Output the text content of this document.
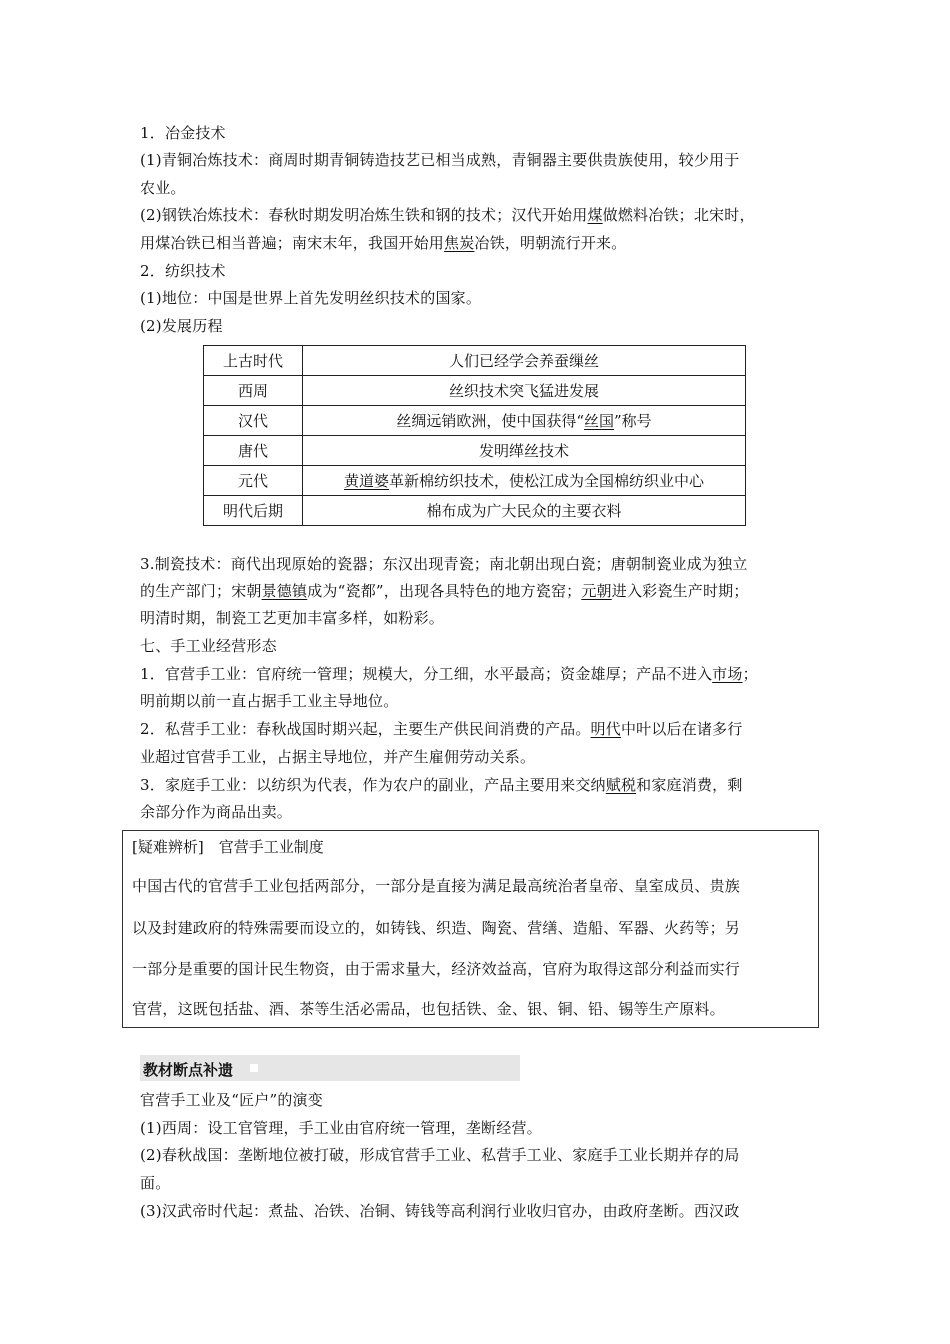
1．冶金技术
(1)青铜冶炼技术：商周时期青铜铸造技艺已相当成熟，青铜器主要供贵族使用，较少用于
农业。
(2)钢铁冶炼技术：春秋时期发明冶炼生铁和钢的技术；汉代开始用煤做燃料冶铁；北宋时，
用煤冶铁已相当普遍；南宋末年，我国开始用焦炭冶铁，明朝流行开来。
2．纺织技术
(1)地位：中国是世界上首先发明丝织技术的国家。
(2)发展历程
上古时代	人们已经学会养蚕缫丝
西周	丝织技术突飞猛进发展
汉代	丝绸远销欧洲，使中国获得“丝国”称号
唐代	发明缂丝技术
元代	黄道婆革新棉纺织技术，使松江成为全国棉纺织业中心
明代后期	棉布成为广大民众的主要衣料
3.制瓷技术：商代出现原始的瓷器；东汉出现青瓷；南北朝出现白瓷；唐朝制瓷业成为独立
的生产部门；宋朝景德镇成为“瓷都”，出现各具特色的地方瓷窑；元朝进入彩瓷生产时期；
明清时期，制瓷工艺更加丰富多样，如粉彩。
七、手工业经营形态
1．官营手工业：官府统一管理；规模大，分工细，水平最高；资金雄厚；产品不进入市场；
明前期以前一直占据手工业主导地位。
2．私营手工业：春秋战国时期兴起，主要生产供民间消费的产品。明代中叶以后在诸多行
业超过官营手工业，占据主导地位，并产生雇佣劳动关系。
3．家庭手工业：以纺织为代表，作为农户的副业，产品主要用来交纳赋税和家庭消费，剩
余部分作为商品出卖。
[疑难辨析]　官营手工业制度
中国古代的官营手工业包括两部分，一部分是直接为满足最高统治者皇帝、皇室成员、贵族
以及封建政府的特殊需要而设立的，如铸钱、织造、陶瓷、营缮、造船、军器、火药等；另
一部分是重要的国计民生物资，由于需求量大，经济效益高，官府为取得这部分利益而实行
官营，这既包括盐、酒、茶等生活必需品，也包括铁、金、银、铜、铅、锡等生产原料。
教材断点补遗
官营手工业及“匠户”的演变
(1)西周：设工官管理，手工业由官府统一管理，垄断经营。
(2)春秋战国：垄断地位被打破，形成官营手工业、私营手工业、家庭手工业长期并存的局
面。
(3)汉武帝时代起：煮盐、冶铁、冶铜、铸钱等高利润行业收归官办，由政府垄断。西汉政
